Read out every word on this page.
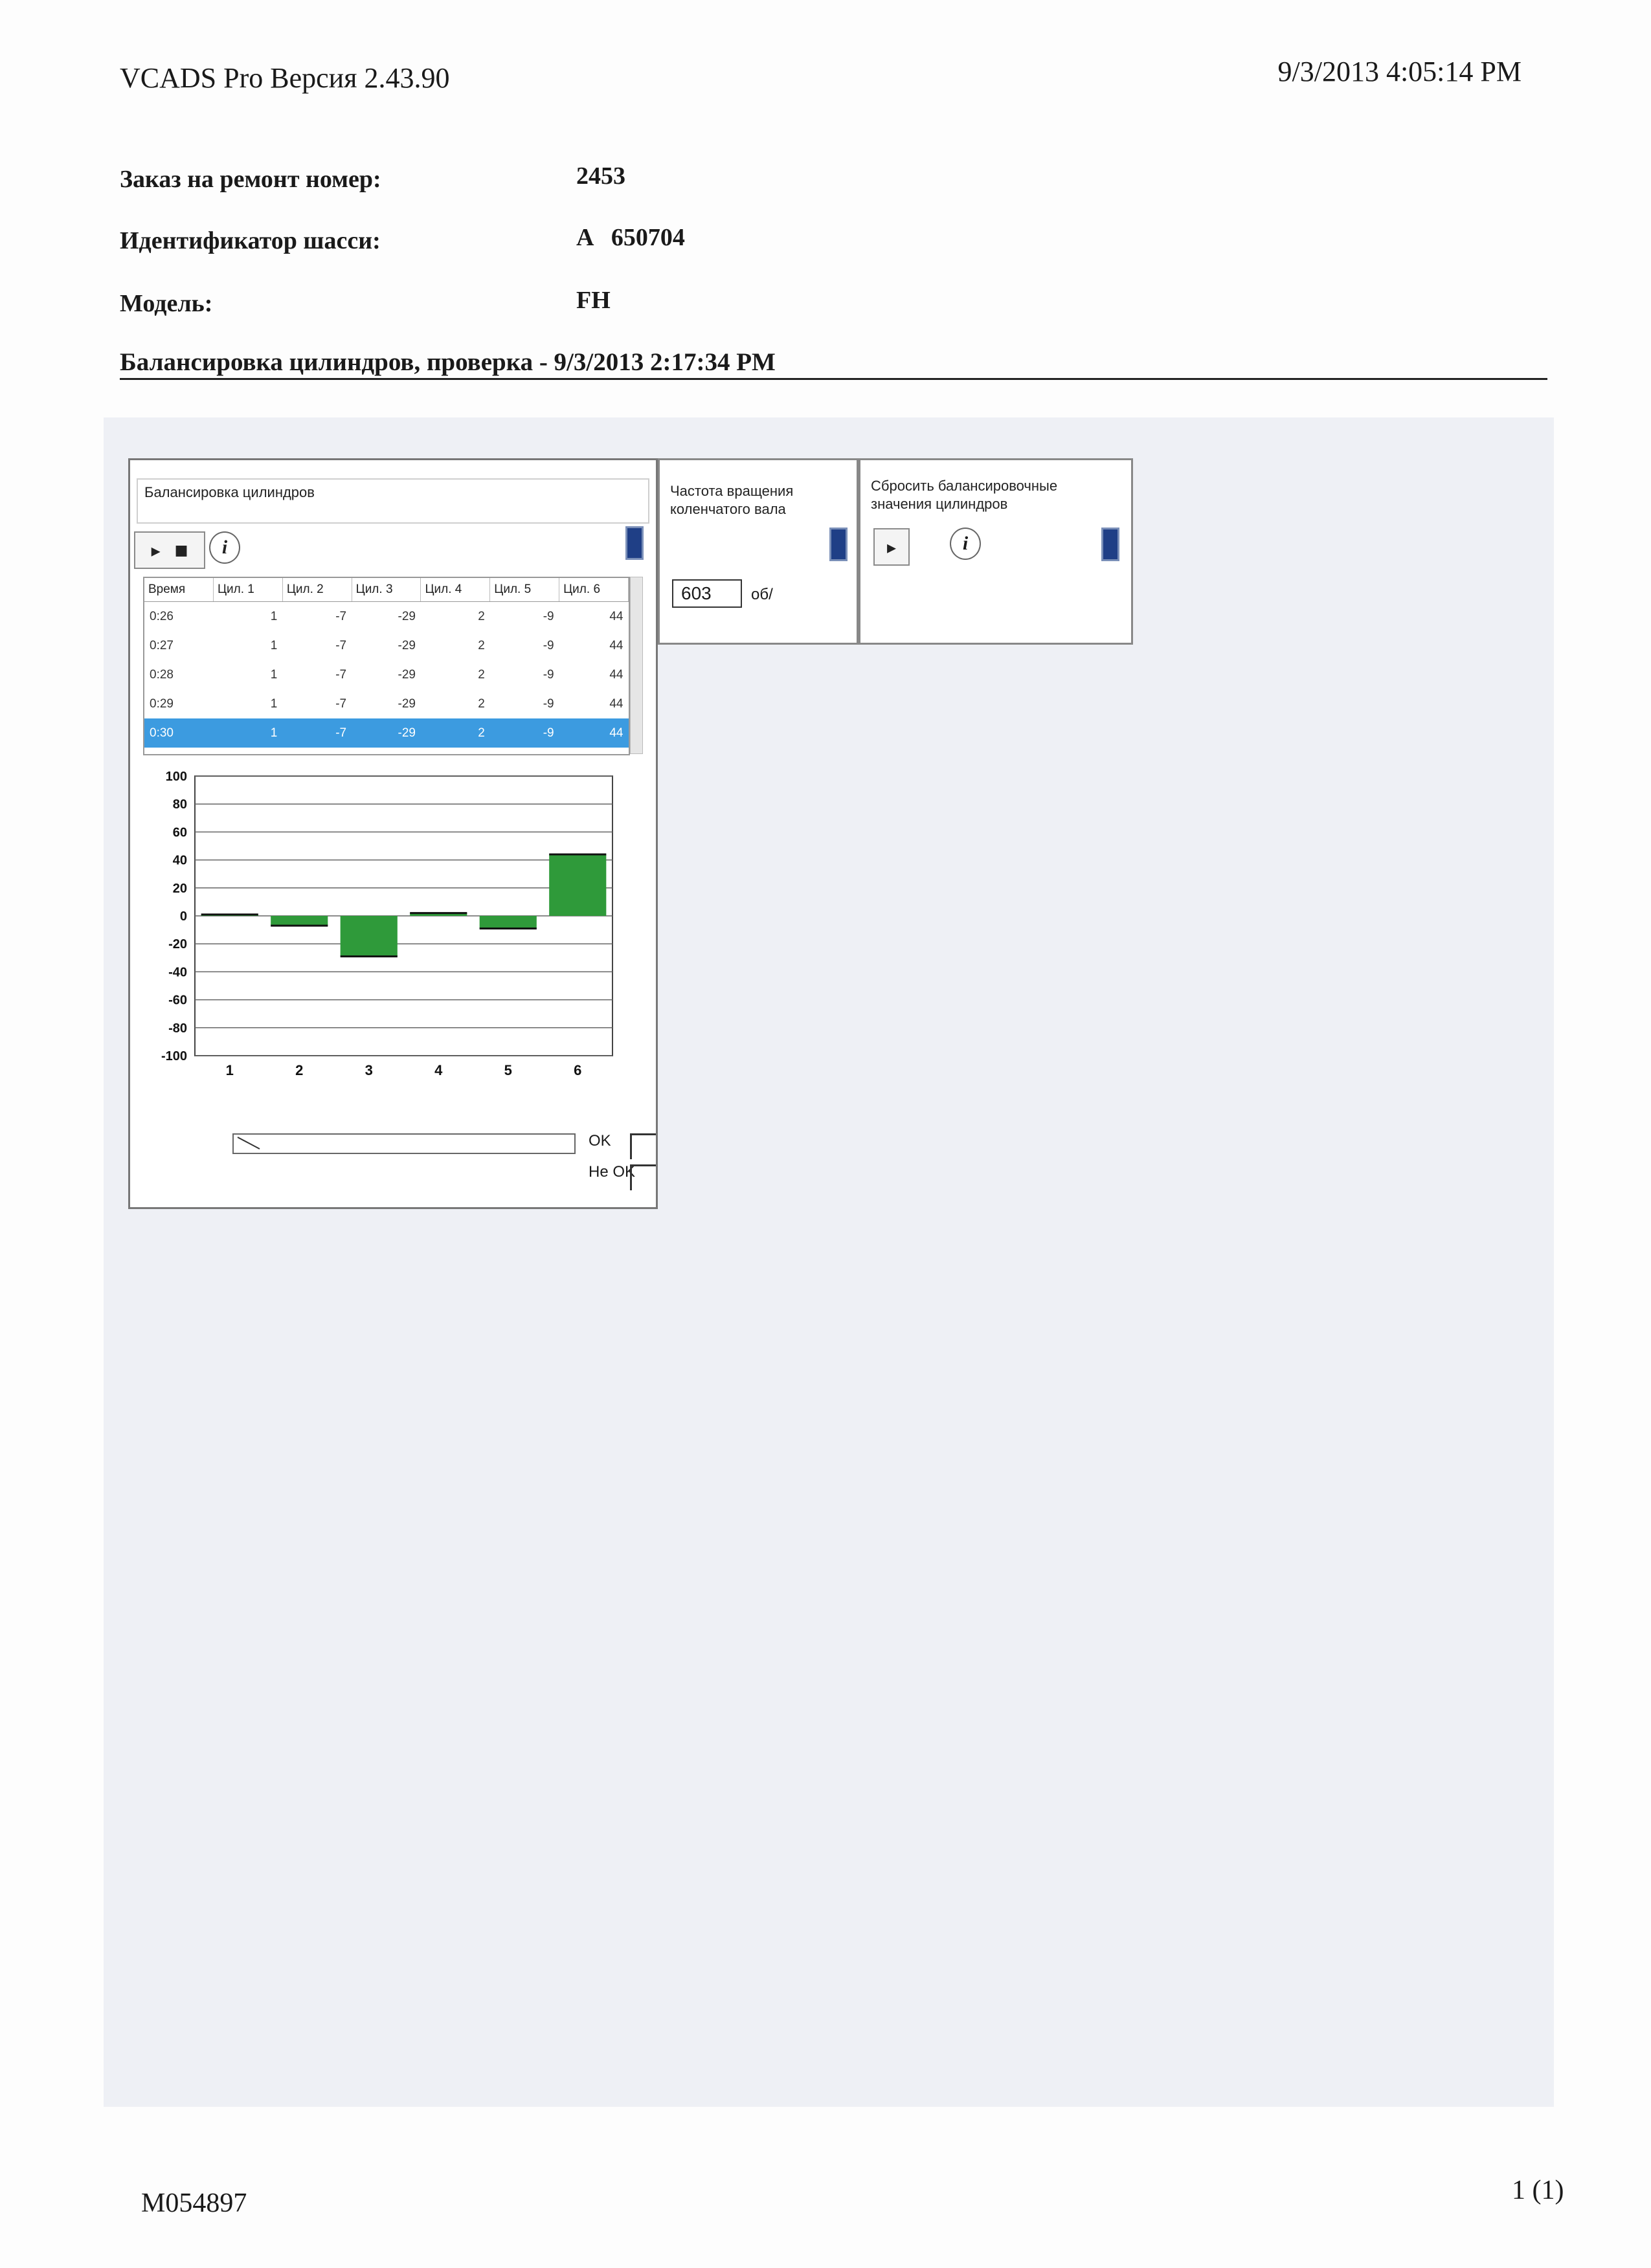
VCADS Pro Версия 2.43.90	9/3/2013 4:05:14 PM
Заказ на ремонт номер:	2453
Идентификатор шасси:	A   650704
Модель:	FH
Балансировка цилиндров, проверка - 9/3/2013 2:17:34 PM
Балансировка цилиндров
▸ ■	i
Время	Цил. 1	Цил. 2	Цил. 3	Цил. 4	Цил. 5	Цил. 6
0:26	1	-7	-29	2	-9	44
0:27	1	-7	-29	2	-9	44
0:28	1	-7	-29	2	-9	44
0:29	1	-7	-29	2	-9	44
0:30	1	-7	-29	2	-9	44
100
80
60
40
20
0
-20
-40
-60
-80
-100
1	2	3	4	5	6
OK
Не OK
Частота вращения коленчатого вала
603	об/
Сбросить балансировочные значения цилиндров
▸	i
M054897	1 (1)
